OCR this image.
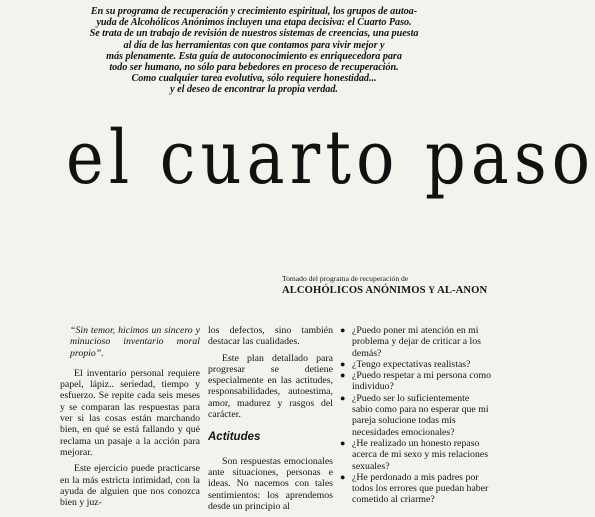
En su programa de recuperación y crecimiento espiritual, los grupos de autoa-
yuda de Alcohólicos Anónimos incluyen una etapa decisiva: el Cuarto Paso.
Se trata de un trabajo de revisión de nuestros sistemas de creencias, una puesta
al día de las herramientas con que contamos para vivir mejor y
más plenamente. Esta guía de autoconocimiento es enriquecedora para
todo ser humano, no sólo para bebedores en proceso de recuperación.
Como cualquier tarea evolutiva, sólo requiere honestidad...
y el deseo de encontrar la propia verdad.
el cuarto paso
Tomado del programa de recuperación de
ALCOHÓLICOS ANÓNIMOS Y AL-ANON

“Sin temor, hicimos un sincero y minucioso inventario moral propio”.

El inventario personal requiere papel, lápiz.. seriedad, tiempo y esfuerzo. Se repite cada seis meses y se comparan las respuestas para ver si las cosas están marchando bien, en qué se está fallando y qué reclama un pasaje a la acción para mejorar.

Este ejercicio puede practicarse en la más estricta intimidad, con la ayuda de alguien que nos conozca bien y juz-

los defectos, sino también destacar las cualidades.

Este plan detallado para progresar se detiene especialmente en las actitudes, responsabilidades, autoestima, amor, madurez y rasgos del carácter.

Actitudes

Son respuestas emocionales ante situaciones, personas e ideas. No nacemos con tales sentimientos: los aprendemos desde un principio al

● ¿Puedo poner mi atención en mi problema y dejar de criticar a los demás?
● ¿Tengo expectativas realistas?
● ¿Puedo respetar a mi persona como individuo?
● ¿Puedo ser lo suficientemente sabio como para no esperar que mi pareja solucione todas mis necesidades emocionales?
● ¿He realizado un honesto repaso acerca de mi sexo y mis relaciones sexuales?
● ¿He perdonado a mis padres por todos los errores que puedan haber cometido al criarme?
